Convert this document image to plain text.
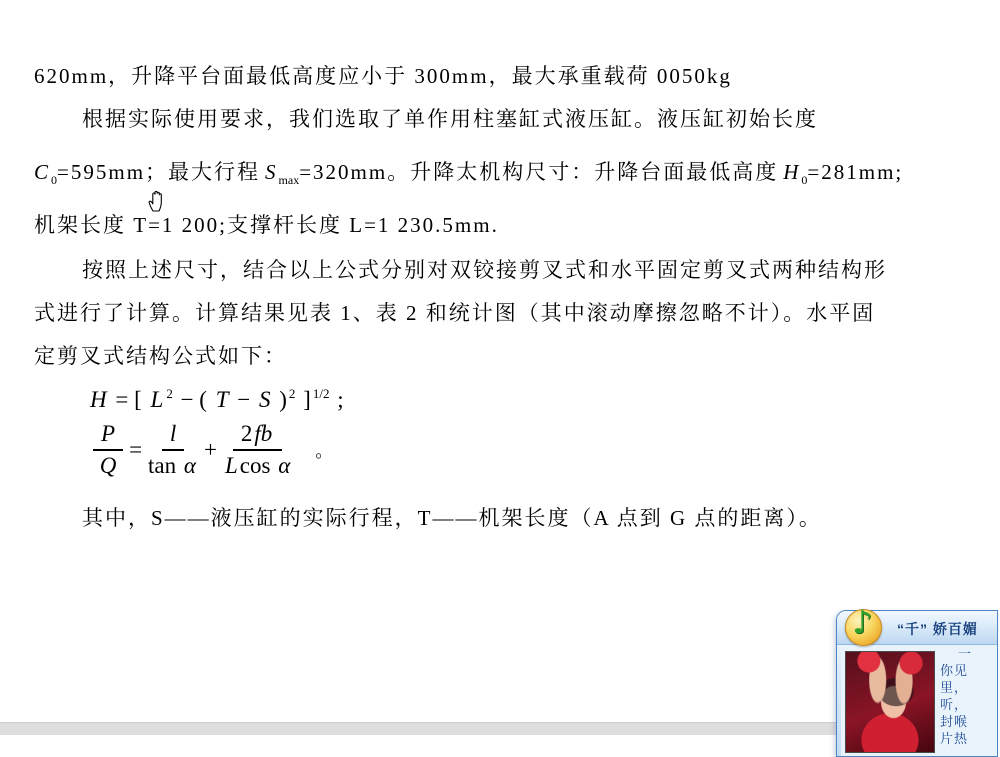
620mm，升降平台面最低高度应小于 300mm，最大承重载荷 0050kg
根据实际使用要求，我们选取了单作用柱塞缸式液压缸。液压缸初始长度
C $_0$=595mm；最大行程 S $_{max}$=320mm。升降太机构尺寸：升降台面最低高度 H $_0$=281mm;
机架长度 T=1 200;支撑杆长度 L=1 230.5mm.
按照上述尺寸，结合以上公式分别对双铰接剪叉式和水平固定剪叉式两种结构形
式进行了计算。计算结果见表 1、表 2 和统计图（其中滚动摩擦忽略不计）。水平固
定剪叉式结构公式如下：
H = [ L $^2$ − ( T − S ) $^2$ ] $^{1/2}$ ;
$\frac{P}{Q} = \frac{l}{\text{tan α}} + \frac{2fb}{\text{Lcos α}}$ 。
其中，S——液压缸的实际行程，T——机架长度（A 点到 G 点的距离）。
“千” 娇百媚
♪
一
你见
里，
听，
封喉
片热
